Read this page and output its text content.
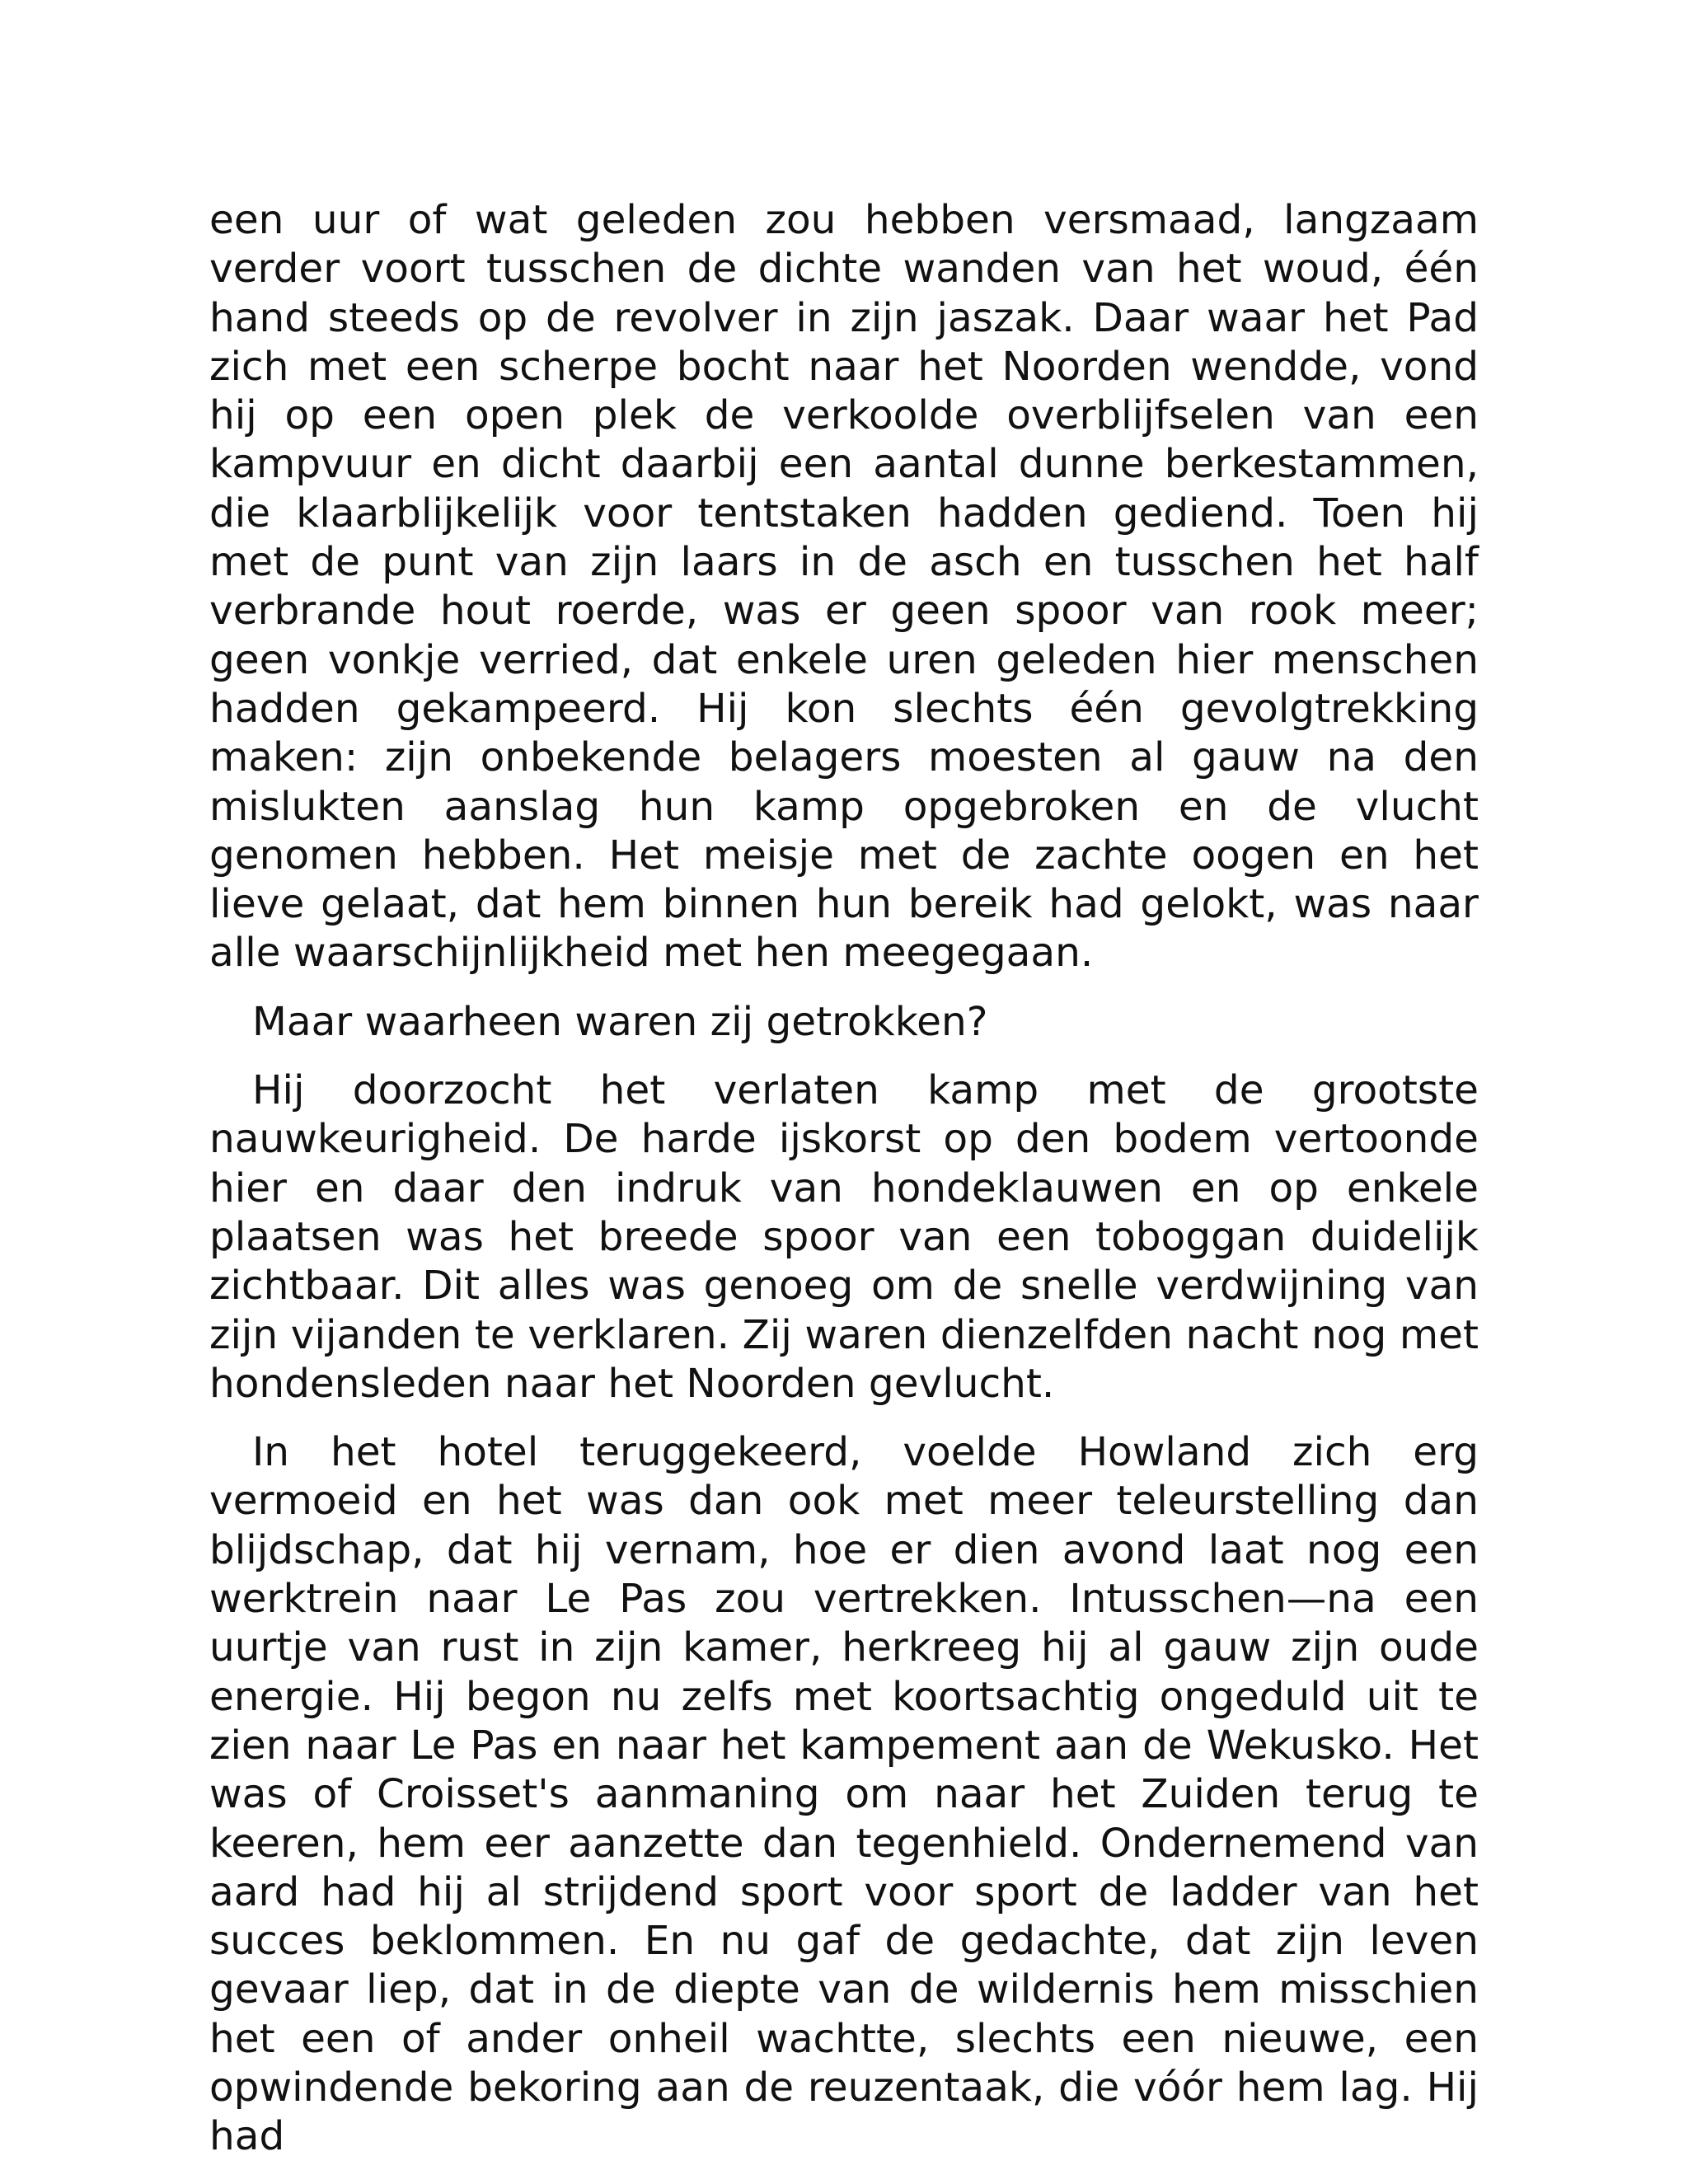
een uur of wat geleden zou hebben versmaad, langzaam verder voort tusschen de dichte wanden van het woud, één hand steeds op de revolver in zijn jaszak. Daar waar het Pad zich met een scherpe bocht naar het Noorden wendde, vond hij op een open plek de verkoolde overblijfselen van een kampvuur en dicht daarbij een aantal dunne berkestammen, die klaarblijkelijk voor tentstaken hadden gediend. Toen hij met de punt van zijn laars in de asch en tusschen het half verbrande hout roerde, was er geen spoor van rook meer; geen vonkje verried, dat enkele uren geleden hier menschen hadden gekampeerd. Hij kon slechts één gevolgtrekking maken: zijn onbekende belagers moesten al gauw na den mislukten aanslag hun kamp opgebroken en de vlucht genomen hebben. Het meisje met de zachte oogen en het lieve gelaat, dat hem binnen hun bereik had gelokt, was naar alle waarschijnlijkheid met hen meegegaan.

Maar waarheen waren zij getrokken?

Hij doorzocht het verlaten kamp met de grootste nauwkeurigheid. De harde ijskorst op den bodem vertoonde hier en daar den indruk van hondeklauwen en op enkele plaatsen was het breede spoor van een toboggan duidelijk zichtbaar. Dit alles was genoeg om de snelle verdwijning van zijn vijanden te verklaren. Zij waren dienzelfden nacht nog met hondensleden naar het Noorden gevlucht.

In het hotel teruggekeerd, voelde Howland zich erg vermoeid en het was dan ook met meer teleurstelling dan blijdschap, dat hij vernam, hoe er dien avond laat nog een werktrein naar Le Pas zou vertrekken. Intusschen—na een uurtje van rust in zijn kamer, herkreeg hij al gauw zijn oude energie. Hij begon nu zelfs met koortsachtig ongeduld uit te zien naar Le Pas en naar het kampement aan de Wekusko. Het was of Croisset's aanmaning om naar het Zuiden terug te keeren, hem eer aanzette dan tegenhield. Ondernemend van aard had hij al strijdend sport voor sport de ladder van het succes beklommen. En nu gaf de gedachte, dat zijn leven gevaar liep, dat in de diepte van de wildernis hem misschien het een of ander onheil wachtte, slechts een nieuwe, een opwindende bekoring aan de reuzentaak, die vóór hem lag. Hij had
